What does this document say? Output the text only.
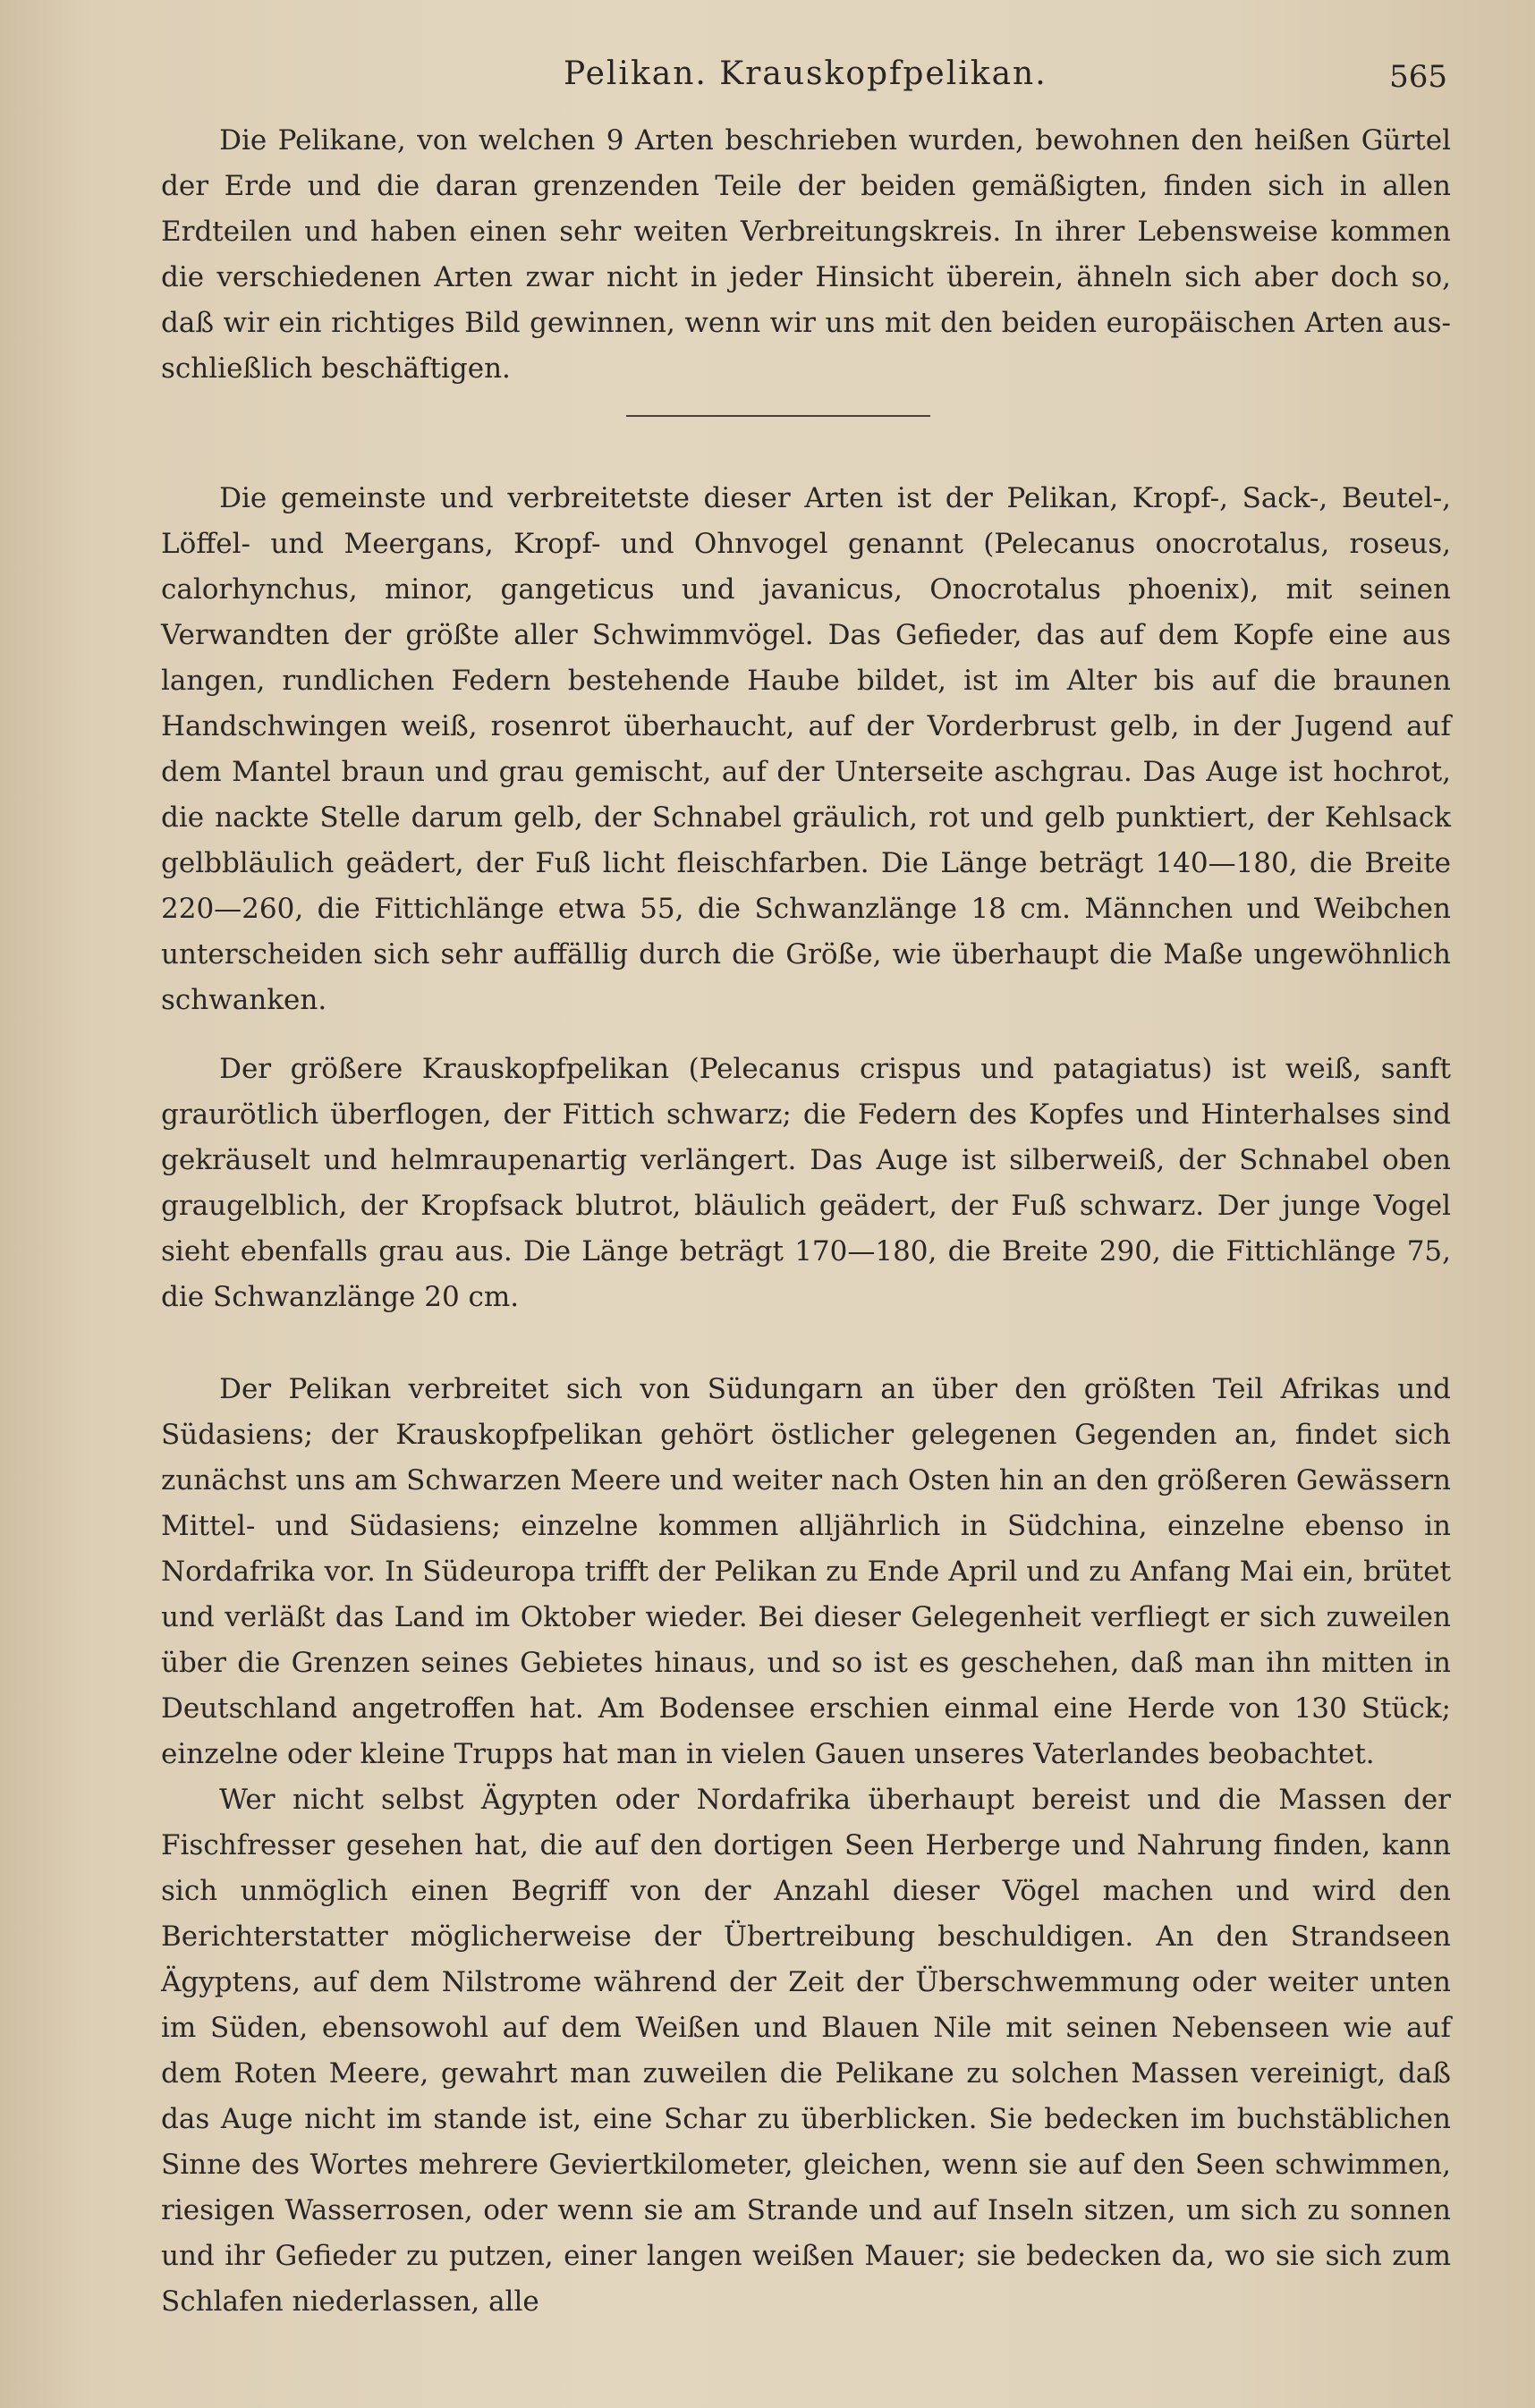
Pelikan. Krauskopfpelikan.	565

Die Pelikane, von welchen 9 Arten beschrieben wurden, bewohnen den heißen Gürtel der Erde und die daran grenzenden Teile der beiden gemäßigten, finden sich in allen Erdteilen und haben einen sehr weiten Verbreitungskreis. In ihrer Lebensweise kommen die verschiedenen Arten zwar nicht in jeder Hinsicht überein, ähneln sich aber doch so, daß wir ein richtiges Bild gewinnen, wenn wir uns mit den beiden europäischen Arten ausschließlich beschäftigen.

Die gemeinste und verbreitetste dieser Arten ist der Pelikan, Kropf-, Sack-, Beutel-, Löffel- und Meergans, Kropf- und Ohnvogel genannt (Pelecanus onocrotalus, roseus, calorhynchus, minor, gangeticus und javanicus, Onocrotalus phoenix), mit seinen Verwandten der größte aller Schwimmvögel. Das Gefieder, das auf dem Kopfe eine aus langen, rundlichen Federn bestehende Haube bildet, ist im Alter bis auf die braunen Handschwingen weiß, rosenrot überhaucht, auf der Vorderbrust gelb, in der Jugend auf dem Mantel braun und grau gemischt, auf der Unterseite aschgrau. Das Auge ist hochrot, die nackte Stelle darum gelb, der Schnabel gräulich, rot und gelb punktiert, der Kehlsack gelbbläulich geädert, der Fuß licht fleischfarben. Die Länge beträgt 140—180, die Breite 220—260, die Fittichlänge etwa 55, die Schwanzlänge 18 cm. Männchen und Weibchen unterscheiden sich sehr auffällig durch die Größe, wie überhaupt die Maße ungewöhnlich schwanken.

Der größere Krauskopfpelikan (Pelecanus crispus und patagiatus) ist weiß, sanft graurötlich überflogen, der Fittich schwarz; die Federn des Kopfes und Hinterhalses sind gekräuselt und helmraupenartig verlängert. Das Auge ist silberweiß, der Schnabel oben graugelblich, der Kropfsack blutrot, bläulich geädert, der Fuß schwarz. Der junge Vogel sieht ebenfalls grau aus. Die Länge beträgt 170—180, die Breite 290, die Fittichlänge 75, die Schwanzlänge 20 cm.

Der Pelikan verbreitet sich von Südungarn an über den größten Teil Afrikas und Südasiens; der Krauskopfpelikan gehört östlicher gelegenen Gegenden an, findet sich zunächst uns am Schwarzen Meere und weiter nach Osten hin an den größeren Gewässern Mittel- und Südasiens; einzelne kommen alljährlich in Südchina, einzelne ebenso in Nordafrika vor. In Südeuropa trifft der Pelikan zu Ende April und zu Anfang Mai ein, brütet und verläßt das Land im Oktober wieder. Bei dieser Gelegenheit verfliegt er sich zuweilen über die Grenzen seines Gebietes hinaus, und so ist es geschehen, daß man ihn mitten in Deutschland angetroffen hat. Am Bodensee erschien einmal eine Herde von 130 Stück; einzelne oder kleine Trupps hat man in vielen Gauen unseres Vaterlandes beobachtet.

Wer nicht selbst Ägypten oder Nordafrika überhaupt bereist und die Massen der Fischfresser gesehen hat, die auf den dortigen Seen Herberge und Nahrung finden, kann sich unmöglich einen Begriff von der Anzahl dieser Vögel machen und wird den Berichterstatter möglicherweise der Übertreibung beschuldigen. An den Strandseen Ägyptens, auf dem Nilstrome während der Zeit der Überschwemmung oder weiter unten im Süden, ebensowohl auf dem Weißen und Blauen Nile mit seinen Nebenseen wie auf dem Roten Meere, gewahrt man zuweilen die Pelikane zu solchen Massen vereinigt, daß das Auge nicht im stande ist, eine Schar zu überblicken. Sie bedecken im buchstäblichen Sinne des Wortes mehrere Geviertkilometer, gleichen, wenn sie auf den Seen schwimmen, riesigen Wasserrosen, oder wenn sie am Strande und auf Inseln sitzen, um sich zu sonnen und ihr Gefieder zu putzen, einer langen weißen Mauer; sie bedecken da, wo sie sich zum Schlafen niederlassen, alle
